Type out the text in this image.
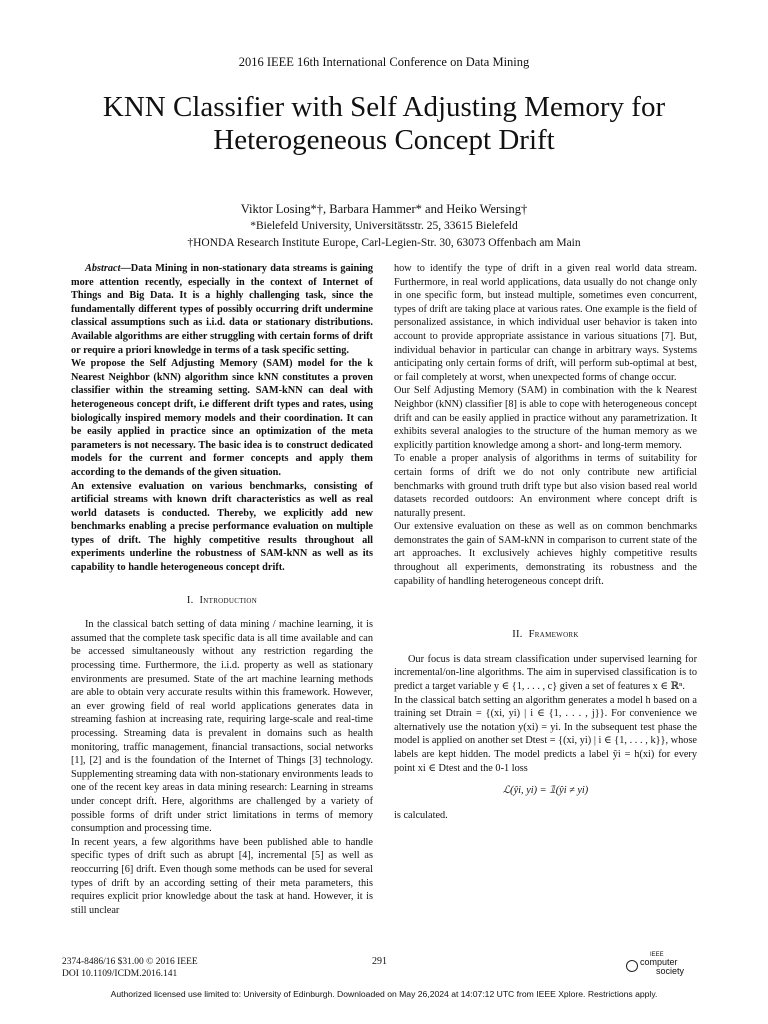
2016 IEEE 16th International Conference on Data Mining
KNN Classifier with Self Adjusting Memory for
Heterogeneous Concept Drift
Viktor Losing*†, Barbara Hammer* and Heiko Wersing†
*Bielefeld University, Universitätsstr. 25, 33615 Bielefeld
†HONDA Research Institute Europe, Carl-Legien-Str. 30, 63073 Offenbach am Main

Abstract—Data Mining in non-stationary data streams is gaining more attention recently, especially in the context of Internet of Things and Big Data. It is a highly challenging task, since the fundamentally different types of possibly occurring drift undermine classical assumptions such as i.i.d. data or stationary distributions. Available algorithms are either struggling with certain forms of drift or require a priori knowledge in terms of a task specific setting.

We propose the Self Adjusting Memory (SAM) model for the k Nearest Neighbor (kNN) algorithm since kNN constitutes a proven classifier within the streaming setting. SAM-kNN can deal with heterogeneous concept drift, i.e different drift types and rates, using biologically inspired memory models and their coordination. It can be easily applied in practice since an optimization of the meta parameters is not necessary. The basic idea is to construct dedicated models for the current and former concepts and apply them according to the demands of the given situation.

An extensive evaluation on various benchmarks, consisting of artificial streams with known drift characteristics as well as real world datasets is conducted. Thereby, we explicitly add new benchmarks enabling a precise performance evaluation on multiple types of drift. The highly competitive results throughout all experiments underline the robustness of SAM-kNN as well as its capability to handle heterogeneous concept drift.

I. Introduction

In the classical batch setting of data mining / machine learning, it is assumed that the complete task specific data is all time available and can be accessed simultaneously without any restriction regarding the processing time. Furthermore, the i.i.d. property as well as stationary environments are presumed. State of the art machine learning methods are able to obtain very accurate results within this framework. However, an ever growing field of real world applications generates data in streaming fashion at increasing rate, requiring large-scale and real-time processing. Streaming data is prevalent in domains such as health monitoring, traffic management, financial transactions, social networks [1], [2] and is the foundation of the Internet of Things [3] technology. Supplementing streaming data with non-stationary environments leads to one of the recent key areas in data mining research: Learning in streams under concept drift. Here, algorithms are challenged by a variety of possible forms of drift under strict limitations in terms of memory consumption and processing time.

In recent years, a few algorithms have been published able to handle specific types of drift such as abrupt [4], incremental [5] as well as reoccurring [6] drift. Even though some methods can be used for several types of drift by an according setting of their meta parameters, this requires explicit prior knowledge about the task at hand. However, it is still unclear

how to identify the type of drift in a given real world data stream. Furthermore, in real world applications, data usually do not change only in one specific form, but instead multiple, sometimes even concurrent, types of drift are taking place at various rates. One example is the field of personalized assistance, in which individual user behavior is taken into account to provide appropriate assistance in various situations [7]. But, individual behavior in particular can change in arbitrary ways. Systems anticipating only certain forms of drift, will perform sub-optimal at best, or fail completely at worst, when unexpected forms of change occur.

Our Self Adjusting Memory (SAM) in combination with the k Nearest Neighbor (kNN) classifier [8] is able to cope with heterogeneous concept drift and can be easily applied in practice without any parametrization. It exhibits several analogies to the structure of the human memory as we explicitly partition knowledge among a short- and long-term memory.

To enable a proper analysis of algorithms in terms of suitability for certain forms of drift we do not only contribute new artificial benchmarks with ground truth drift type but also vision based real world datasets recorded outdoors: An environment where concept drift is naturally present.

Our extensive evaluation on these as well as on common benchmarks demonstrates the gain of SAM-kNN in comparison to current state of the art approaches. It exclusively achieves highly competitive results throughout all experiments, demonstrating its robustness and the capability of handling heterogeneous concept drift.

II. Framework

Our focus is data stream classification under supervised learning for incremental/on-line algorithms. The aim in supervised classification is to predict a target variable y ∈ {1, . . . , c} given a set of features x ∈ ℝⁿ.

In the classical batch setting an algorithm generates a model h based on a training set Dtrain = {(xi, yi) | i ∈ {1, . . . , j}}. For convenience we alternatively use the notation y(xi) = yi. In the subsequent test phase the model is applied on another set Dtest = {(xi, yi) | i ∈ {1, . . . , k}}, whose labels are kept hidden. The model predicts a label ŷi = h(xi) for every point xi ∈ Dtest and the 0-1 loss

ℒ(ŷi, yi) = 𝟙(ŷi ≠ yi)

is calculated.

2374-8486/16 $31.00 © 2016 IEEE
DOI 10.1109/ICDM.2016.141
291
IEEE
computer
society
Authorized licensed use limited to: University of Edinburgh. Downloaded on May 26,2024 at 14:07:12 UTC from IEEE Xplore. Restrictions apply.
